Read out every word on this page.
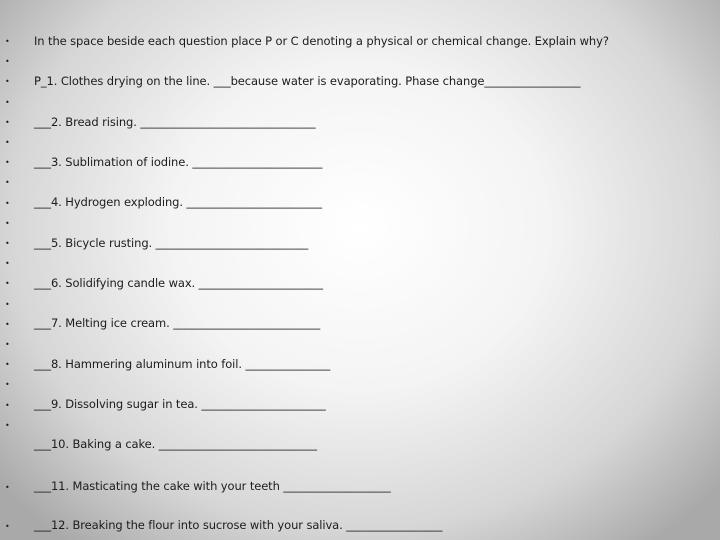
•
•
•
•
•
•
•
•
•
•
•
•
•
•
•
•
•
•
•
•
•
•
In the space beside each question place P or C denoting a physical or chemical change. Explain why?
P_1. Clothes drying on the line. ___because water is evaporating. Phase change_________________
___2. Bread rising. _______________________________
___3. Sublimation of iodine. _______________________
___4. Hydrogen exploding. ________________________
___5. Bicycle rusting. ___________________________
___6. Solidifying candle wax. ______________________
___7. Melting ice cream. __________________________
___8. Hammering aluminum into foil. _______________
___9. Dissolving sugar in tea. ______________________
___10. Baking a cake. ____________________________
___11. Masticating the cake with your teeth ___________________
___12. Breaking the flour into sucrose with your saliva. _________________
